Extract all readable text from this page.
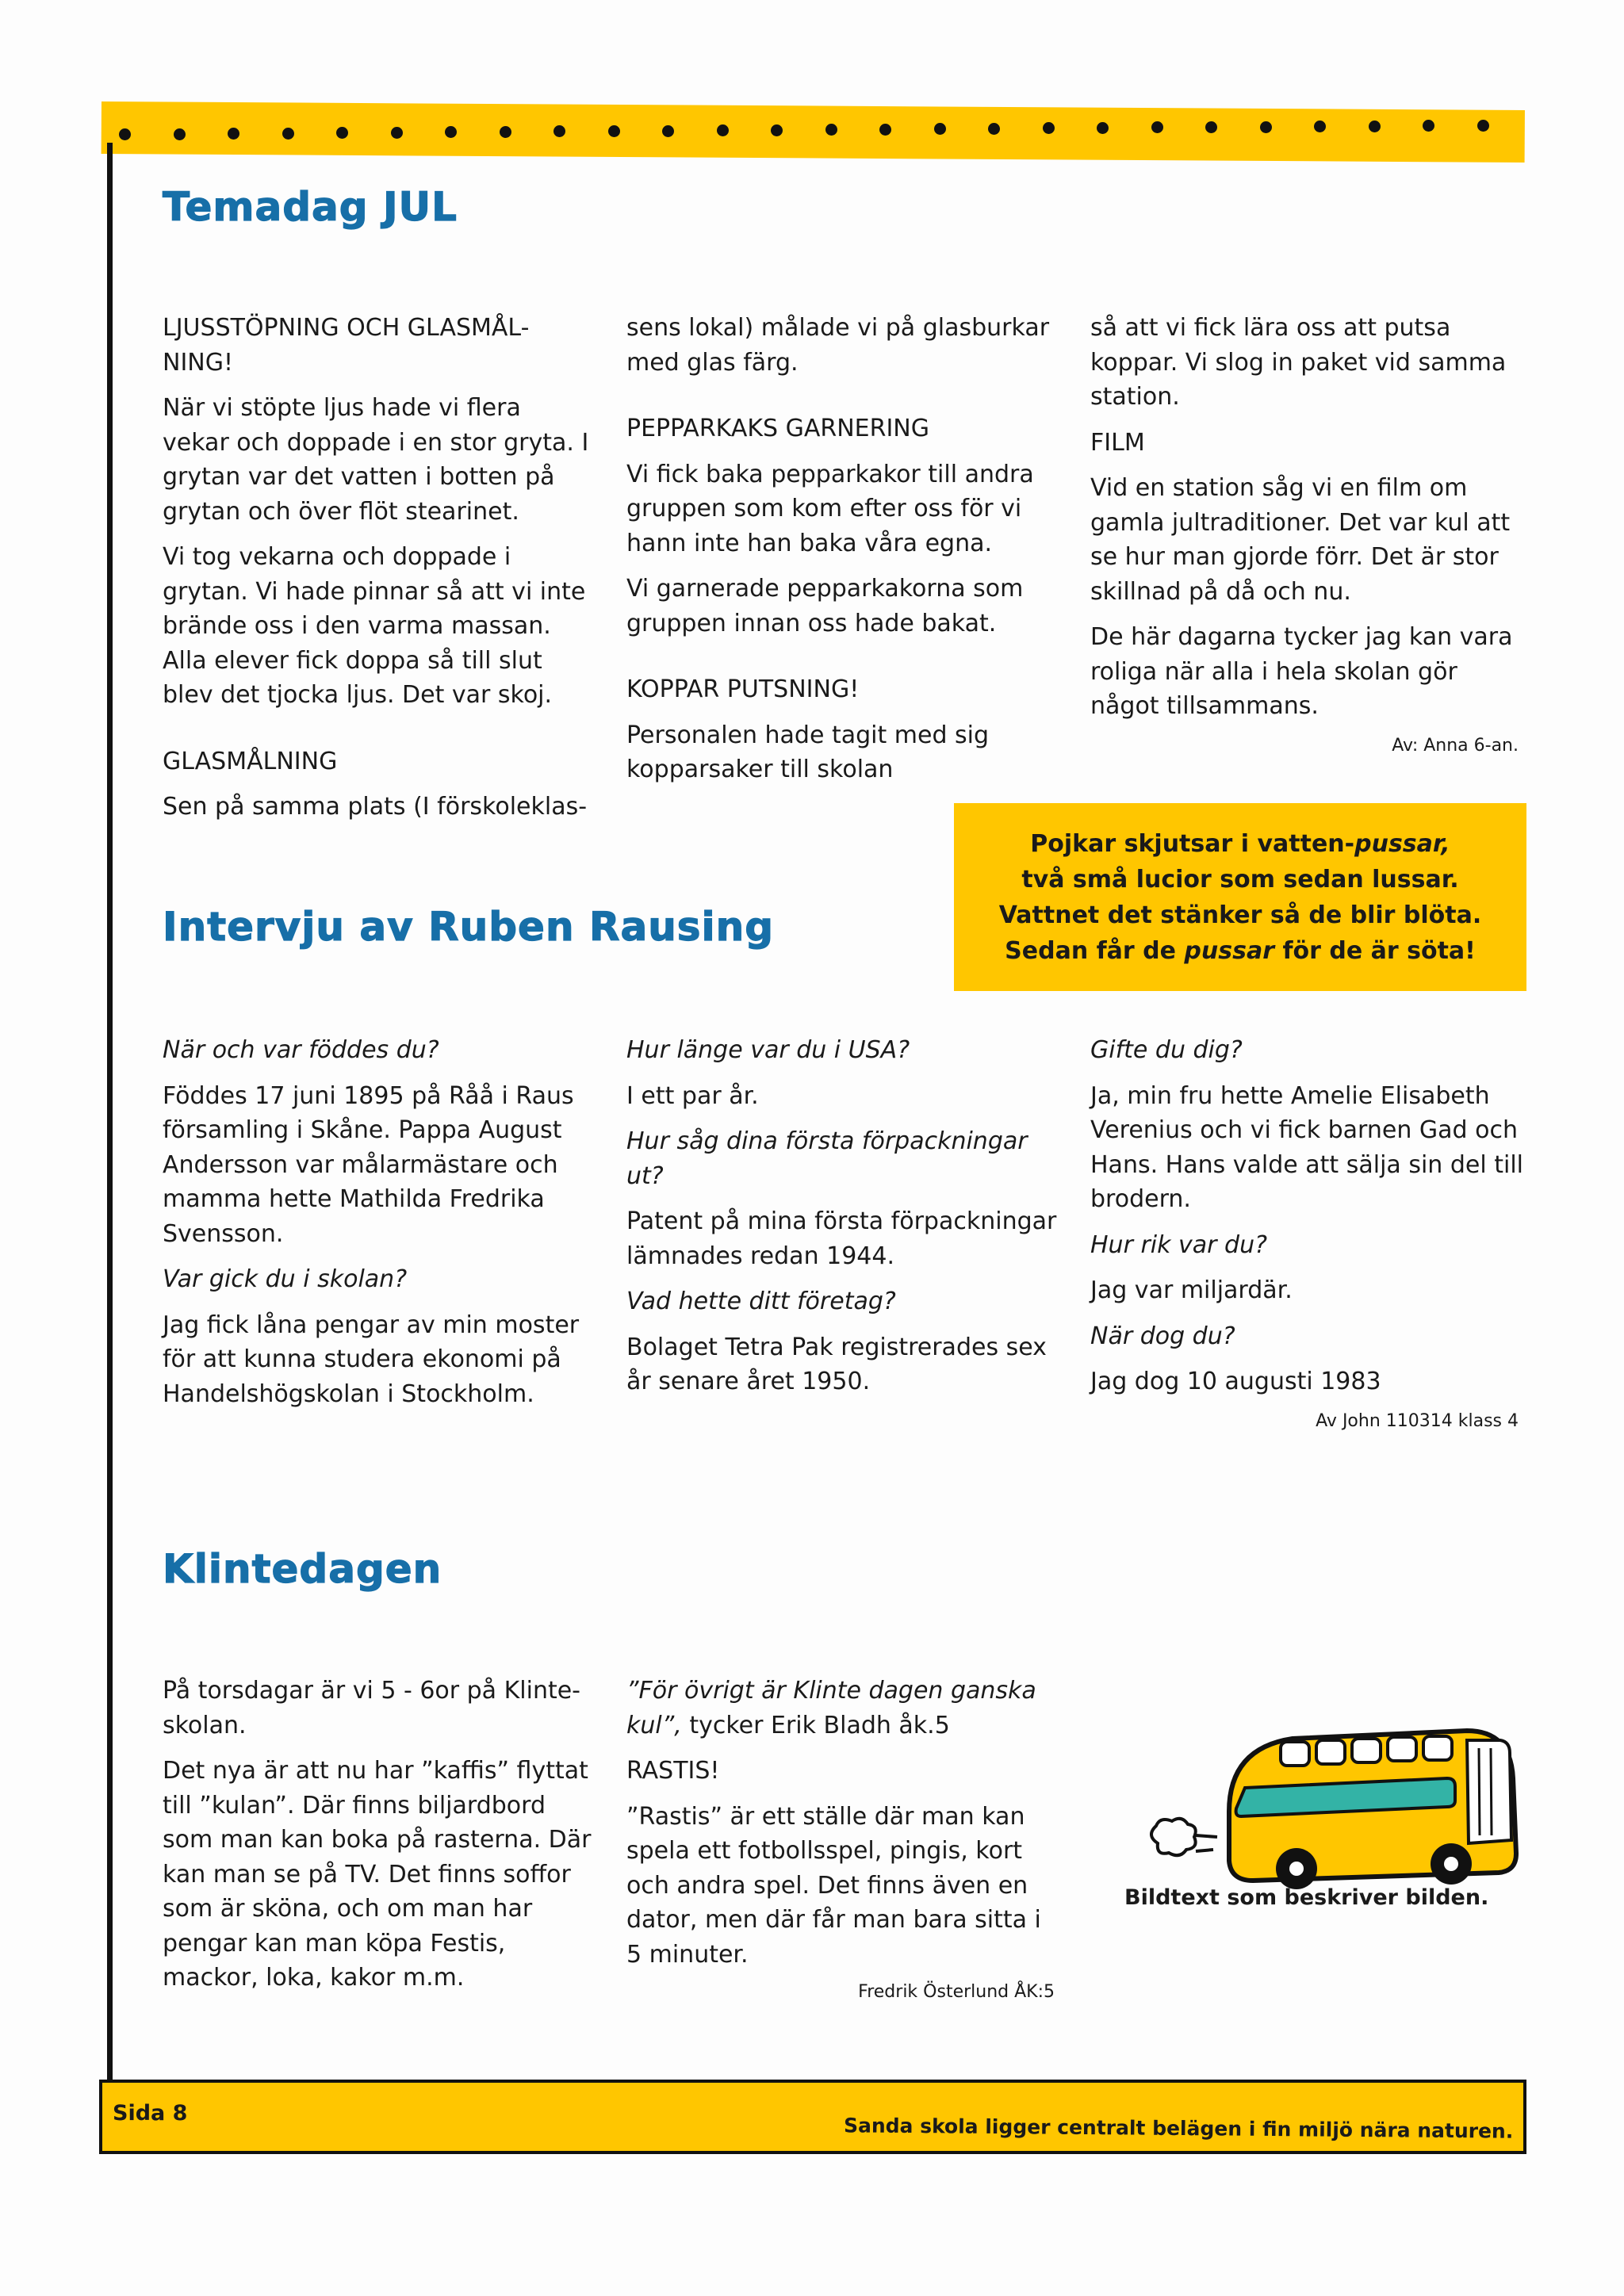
Temadag JUL

LJUSSTÖPNING OCH GLASMÅL-NING!

När vi stöpte ljus hade vi flera vekar och doppade i en stor gryta. I grytan var det vatten i botten på grytan och över flöt stearinet.

Vi tog vekarna och doppade i grytan. Vi hade pinnar så att vi inte brände oss i den varma massan. Alla elever fick doppa så till slut blev det tjocka ljus. Det var skoj.

GLASMÅLNING

Sen på samma plats (I förskoleklas-

sens lokal) målade vi på glasburkar med glas färg.

PEPPARKAKS GARNERING

Vi fick baka pepparkakor till andra gruppen som kom efter oss för vi hann inte han baka våra egna.

Vi garnerade pepparkakorna som gruppen innan oss hade bakat.

KOPPAR PUTSNING!

Personalen hade tagit med sig kopparsaker till skolan

så att vi fick lära oss att putsa koppar. Vi slog in paket vid samma station.

FILM

Vid en station såg vi en film om gamla jultraditioner. Det var kul att se hur man gjorde förr. Det är stor skillnad på då och nu.

De här dagarna tycker jag kan vara roliga när alla i hela skolan gör något tillsammans.

Av: Anna 6-an.
Pojkar skjutsar i vatten-pussar,
två små lucior som sedan lussar.
Vattnet det stänker så de blir blöta.
Sedan får de pussar för de är söta!
Intervju av Ruben Rausing

När och var föddes du?

Föddes 17 juni 1895 på Råå i Raus församling i Skåne. Pappa August Andersson var målarmästare och mamma hette Mathilda Fredrika Svensson.

Var gick du i skolan?

Jag fick låna pengar av min moster för att kunna studera ekonomi på Handelshögskolan i Stockholm.

Hur länge var du i USA?

I ett par år.

Hur såg dina första förpackningar ut?

Patent på mina första förpackningar lämnades redan 1944.

Vad hette ditt företag?

Bolaget Tetra Pak registrerades sex år senare året 1950.

Gifte du dig?

Ja, min fru hette Amelie Elisabeth Verenius och vi fick barnen Gad och Hans. Hans valde att sälja sin del till brodern.

Hur rik var du?

Jag var miljardär.

När dog du?

Jag dog 10 augusti 1983

Av John 110314 klass 4
Klintedagen

På torsdagar är vi 5 - 6or på Klinte-skolan.

Det nya är att nu har ”kaffis” flyttat till ”kulan”. Där finns biljardbord som man kan boka på rasterna. Där kan man se på TV. Det finns soffor som är sköna, och om man har pengar kan man köpa Festis, mackor, loka, kakor m.m.

”För övrigt är Klinte dagen ganska kul”, tycker Erik Bladh åk.5

RASTIS!

”Rastis” är ett ställe där man kan spela ett fotbollsspel, pingis, kort och andra spel. Det finns även en dator, men där får man bara sitta i 5 minuter.

Fredrik Österlund ÅK:5
Bildtext som beskriver bilden.
Sida 8
Sanda skola ligger centralt belägen i fin miljö nära naturen.
